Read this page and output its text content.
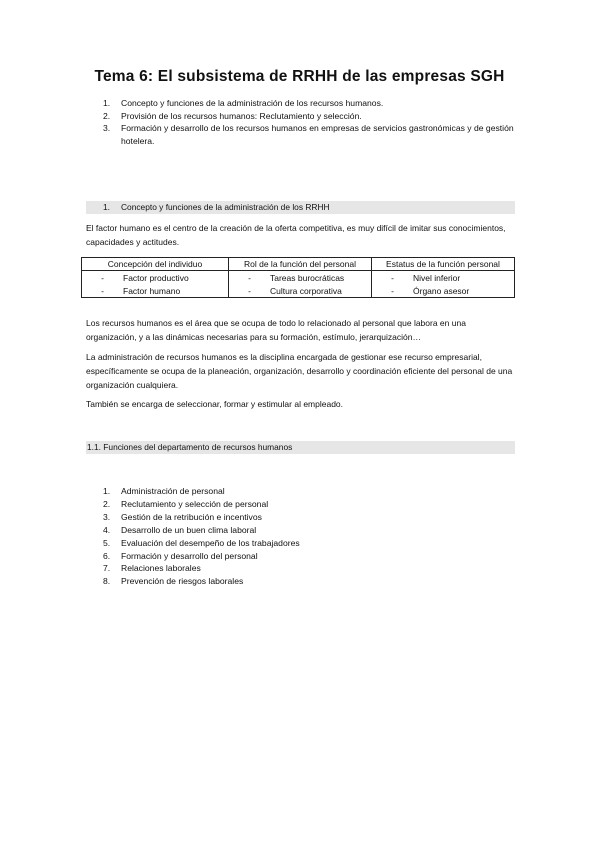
Tema 6: El subsistema de RRHH de las empresas SGH
1.	Concepto y funciones de la administración de los recursos humanos.
2.	Provisión de los recursos humanos: Reclutamiento y selección.
3.	Formación y desarrollo de los recursos humanos en empresas de servicios gastronómicas y de gestión hotelera.
1. Concepto y funciones de la administración de los RRHH
El factor humano es el centro de la creación de la oferta competitiva, es muy difícil de imitar sus conocimientos, capacidades y actitudes.
Concepción del individuo	Rol de la función del personal	Estatus de la función personal

- Factor productivo	- Tareas burocráticas	- Nivel inferior

- Factor humano	- Cultura corporativa	- Órgano asesor
Los recursos humanos es el área que se ocupa de todo lo relacionado al personal que labora en una organización, y a las dinámicas necesarias para su formación, estímulo, jerarquización…
La administración de recursos humanos es la disciplina encargada de gestionar ese recurso empresarial, específicamente se ocupa de la planeación, organización, desarrollo y coordinación eficiente del personal de una organización cualquiera.
También se encarga de seleccionar, formar y estimular al empleado.
1.1. Funciones del departamento de recursos humanos
1.	Administración de personal
2.	Reclutamiento y selección de personal
3.	Gestión de la retribución e incentivos
4.	Desarrollo de un buen clima laboral
5.	Evaluación del desempeño de los trabajadores
6.	Formación y desarrollo del personal
7.	Relaciones laborales
8.	Prevención de riesgos laborales
